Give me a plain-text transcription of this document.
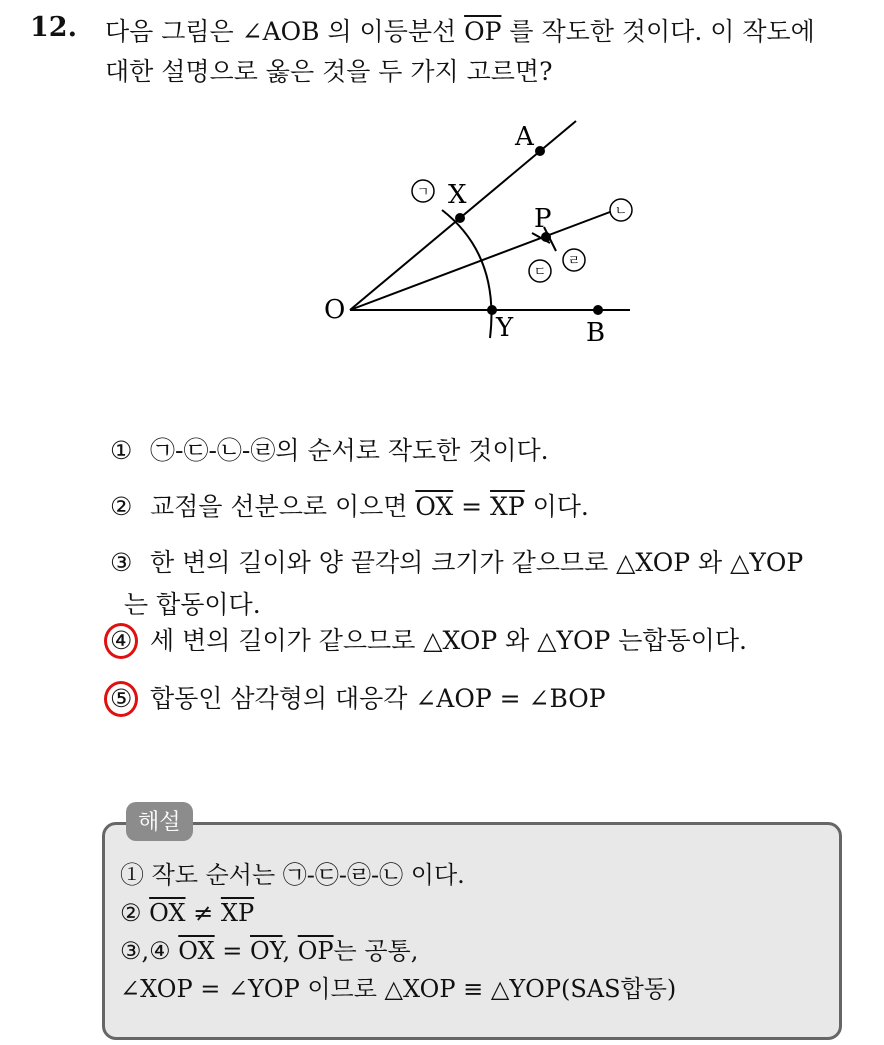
12. 다음 그림은 ∠AOB 의 이등분선 $\overline{OP}$ 를 작도한 것이다. 이 작도에
대한 설명으로 옳은 것을 두 가지 고르면?
A
X
P
O
Y	B
ㄱ
ㄴ
ㄷ
ㄹ
① ㉠-㉢-㉡-㉣의 순서로 작도한 것이다.
② 교점을 선분으로 이으면 $\overline{OX} = \overline{XP}$ 이다.
③ 한 변의 길이와 양 끝각의 크기가 같으므로 △XOP 와 △YOP
는 합동이다.
④ 세 변의 길이가 같으므로 △XOP 와 △YOP 는합동이다.
⑤ 합동인 삼각형의 대응각 ∠AOP = ∠BOP
해설
① 작도 순서는 ㉠-㉢-㉣-㉡ 이다.
② $\overline{OX} \ne \overline{XP}$
③,④ $\overline{OX} = \overline{OY}$, $\overline{OP}$는 공통,
∠XOP = ∠YOP 이므로 △XOP ≡ △YOP(SAS합동)
